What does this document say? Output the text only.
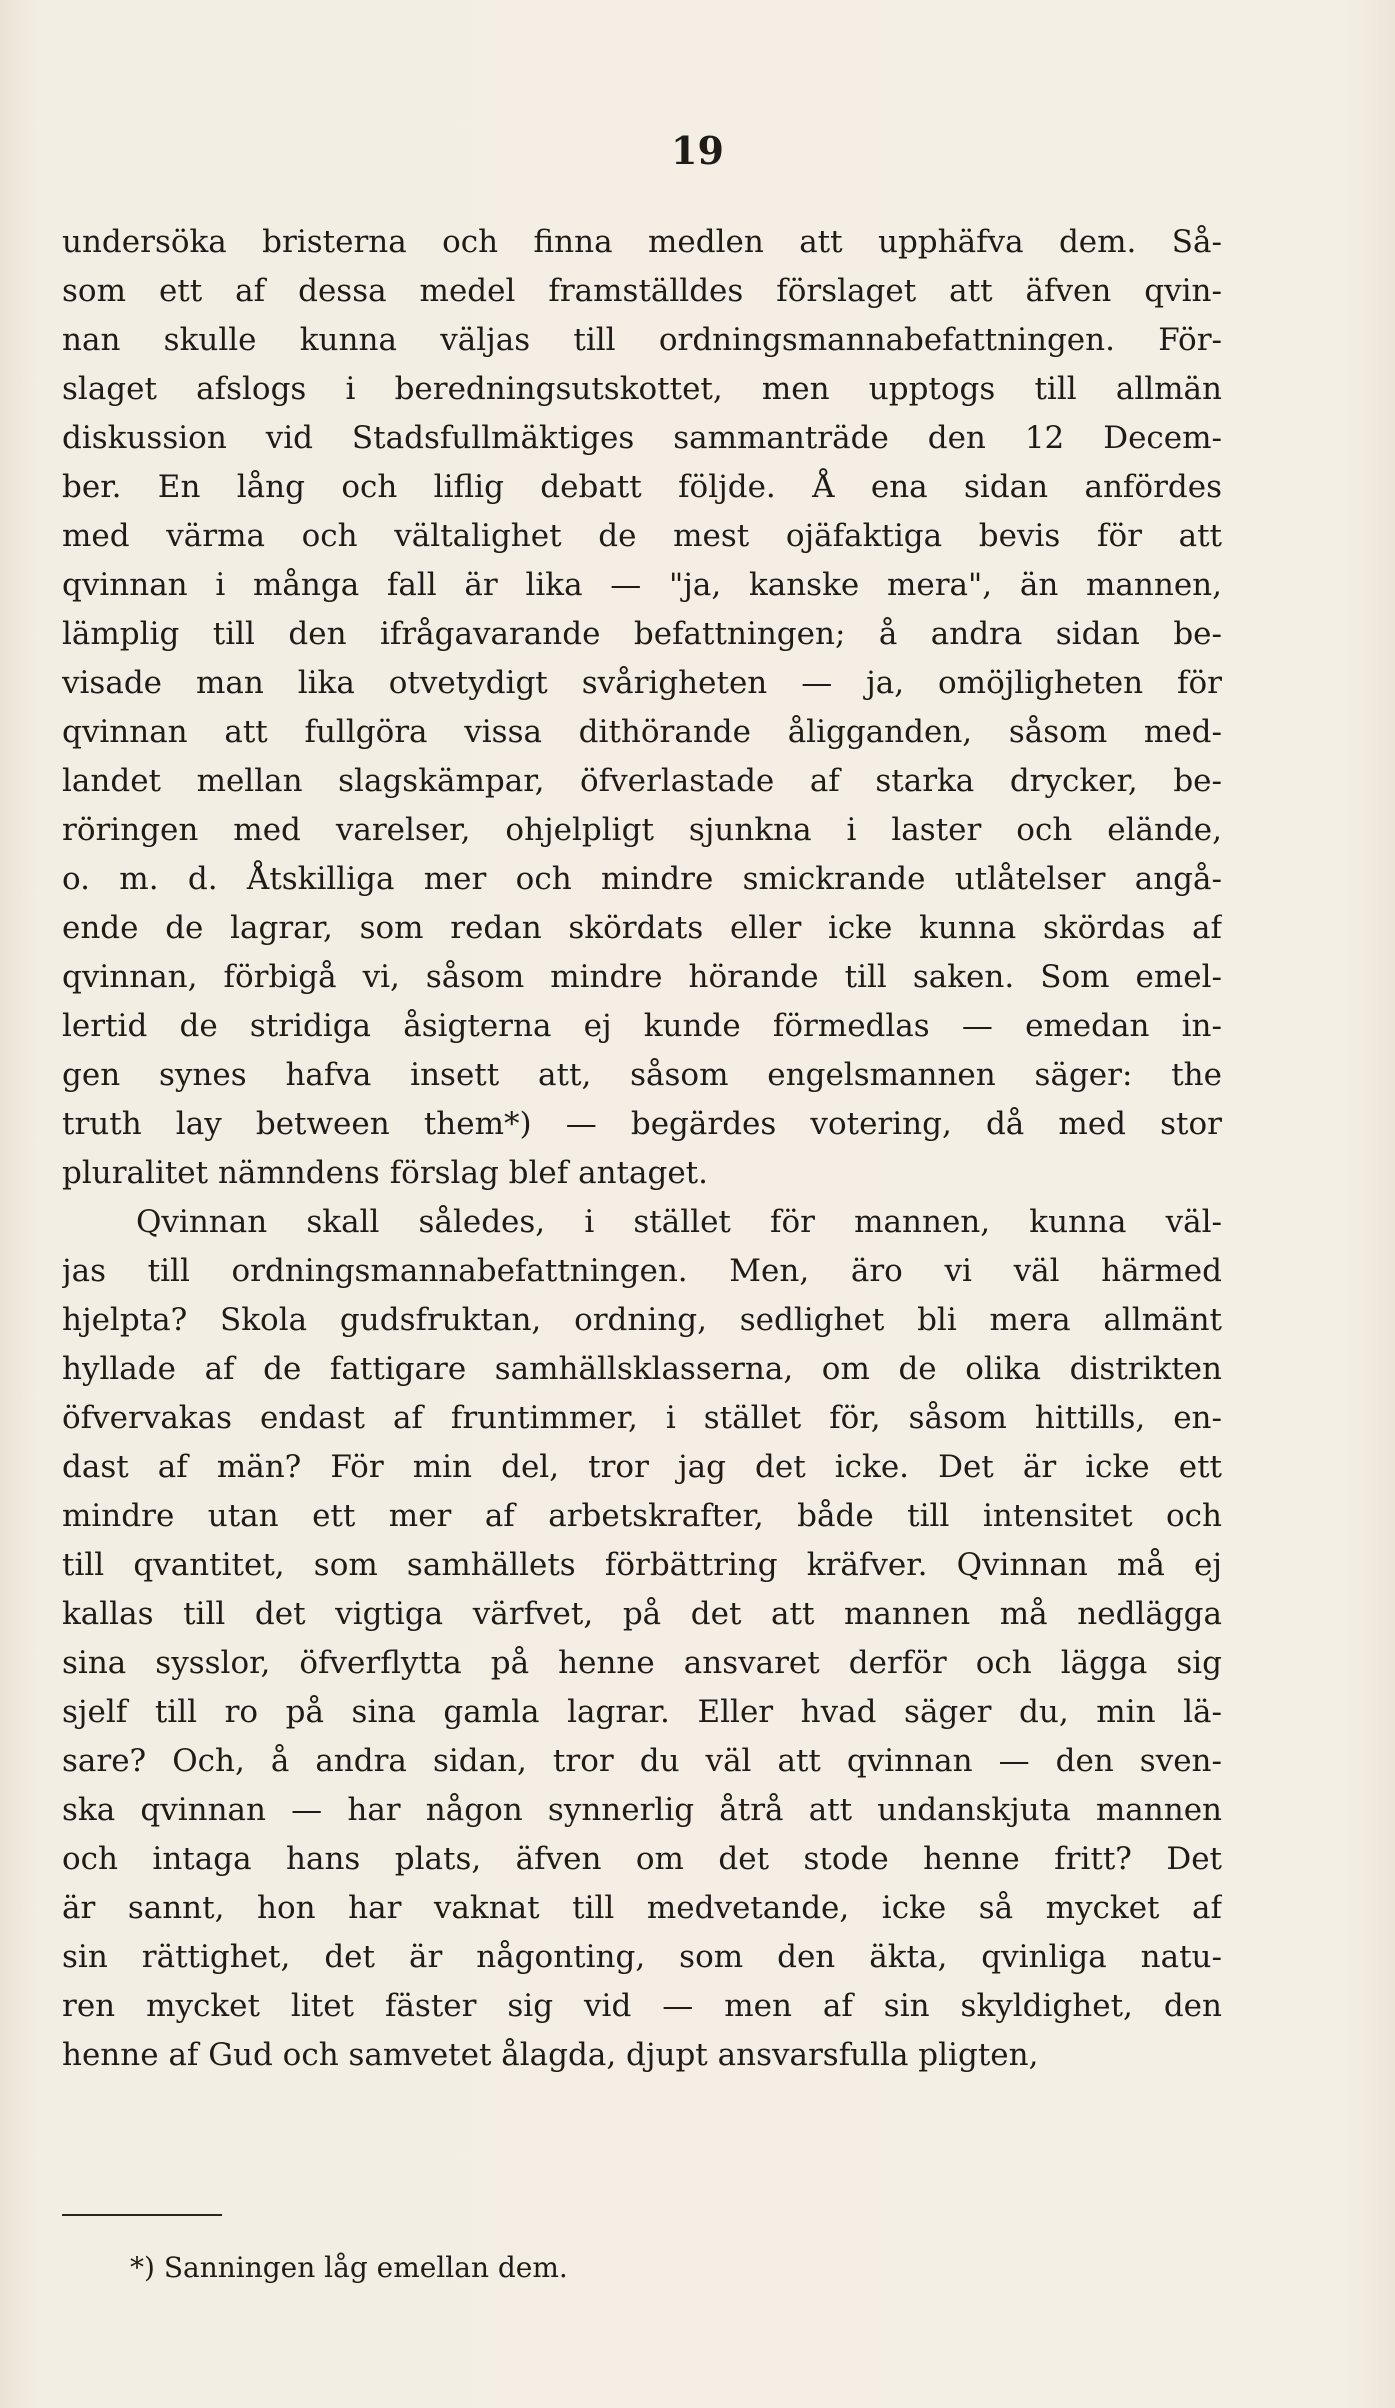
19
undersöka bristerna och finna medlen att upphäfva dem. Så-
som ett af dessa medel framställdes förslaget att äfven qvin-
nan skulle kunna väljas till ordningsmannabefattningen. För-
slaget afslogs i beredningsutskottet, men upptogs till allmän
diskussion vid Stadsfullmäktiges sammanträde den 12 Decem-
ber. En lång och liflig debatt följde. Å ena sidan anfördes
med värma och vältalighet de mest ojäfaktiga bevis för att
qvinnan i många fall är lika — "ja, kanske mera", än mannen,
lämplig till den ifrågavarande befattningen; å andra sidan be-
visade man lika otvetydigt svårigheten — ja, omöjligheten för
qvinnan att fullgöra vissa dithörande åligganden, såsom med-
landet mellan slagskämpar, öfverlastade af starka drycker, be-
röringen med varelser, ohjelpligt sjunkna i laster och elände,
o. m. d. Åtskilliga mer och mindre smickrande utlåtelser angå-
ende de lagrar, som redan skördats eller icke kunna skördas af
qvinnan, förbigå vi, såsom mindre hörande till saken. Som emel-
lertid de stridiga åsigterna ej kunde förmedlas — emedan in-
gen synes hafva insett att, såsom engelsmannen säger: the
truth lay between them*) — begärdes votering, då med stor
pluralitet nämndens förslag blef antaget.
Qvinnan skall således, i stället för mannen, kunna väl-
jas till ordningsmannabefattningen. Men, äro vi väl härmed
hjelpta? Skola gudsfruktan, ordning, sedlighet bli mera allmänt
hyllade af de fattigare samhällsklasserna, om de olika distrikten
öfvervakas endast af fruntimmer, i stället för, såsom hittills, en-
dast af män? För min del, tror jag det icke. Det är icke ett
mindre utan ett mer af arbetskrafter, både till intensitet och
till qvantitet, som samhällets förbättring kräfver. Qvinnan må ej
kallas till det vigtiga värfvet, på det att mannen må nedlägga
sina sysslor, öfverflytta på henne ansvaret derför och lägga sig
sjelf till ro på sina gamla lagrar. Eller hvad säger du, min lä-
sare? Och, å andra sidan, tror du väl att qvinnan — den sven-
ska qvinnan — har någon synnerlig åtrå att undanskjuta mannen
och intaga hans plats, äfven om det stode henne fritt? Det
är sannt, hon har vaknat till medvetande, icke så mycket af
sin rättighet, det är någonting, som den äkta, qvinliga natu-
ren mycket litet fäster sig vid — men af sin skyldighet, den
henne af Gud och samvetet ålagda, djupt ansvarsfulla pligten,
*) Sanningen låg emellan dem.
